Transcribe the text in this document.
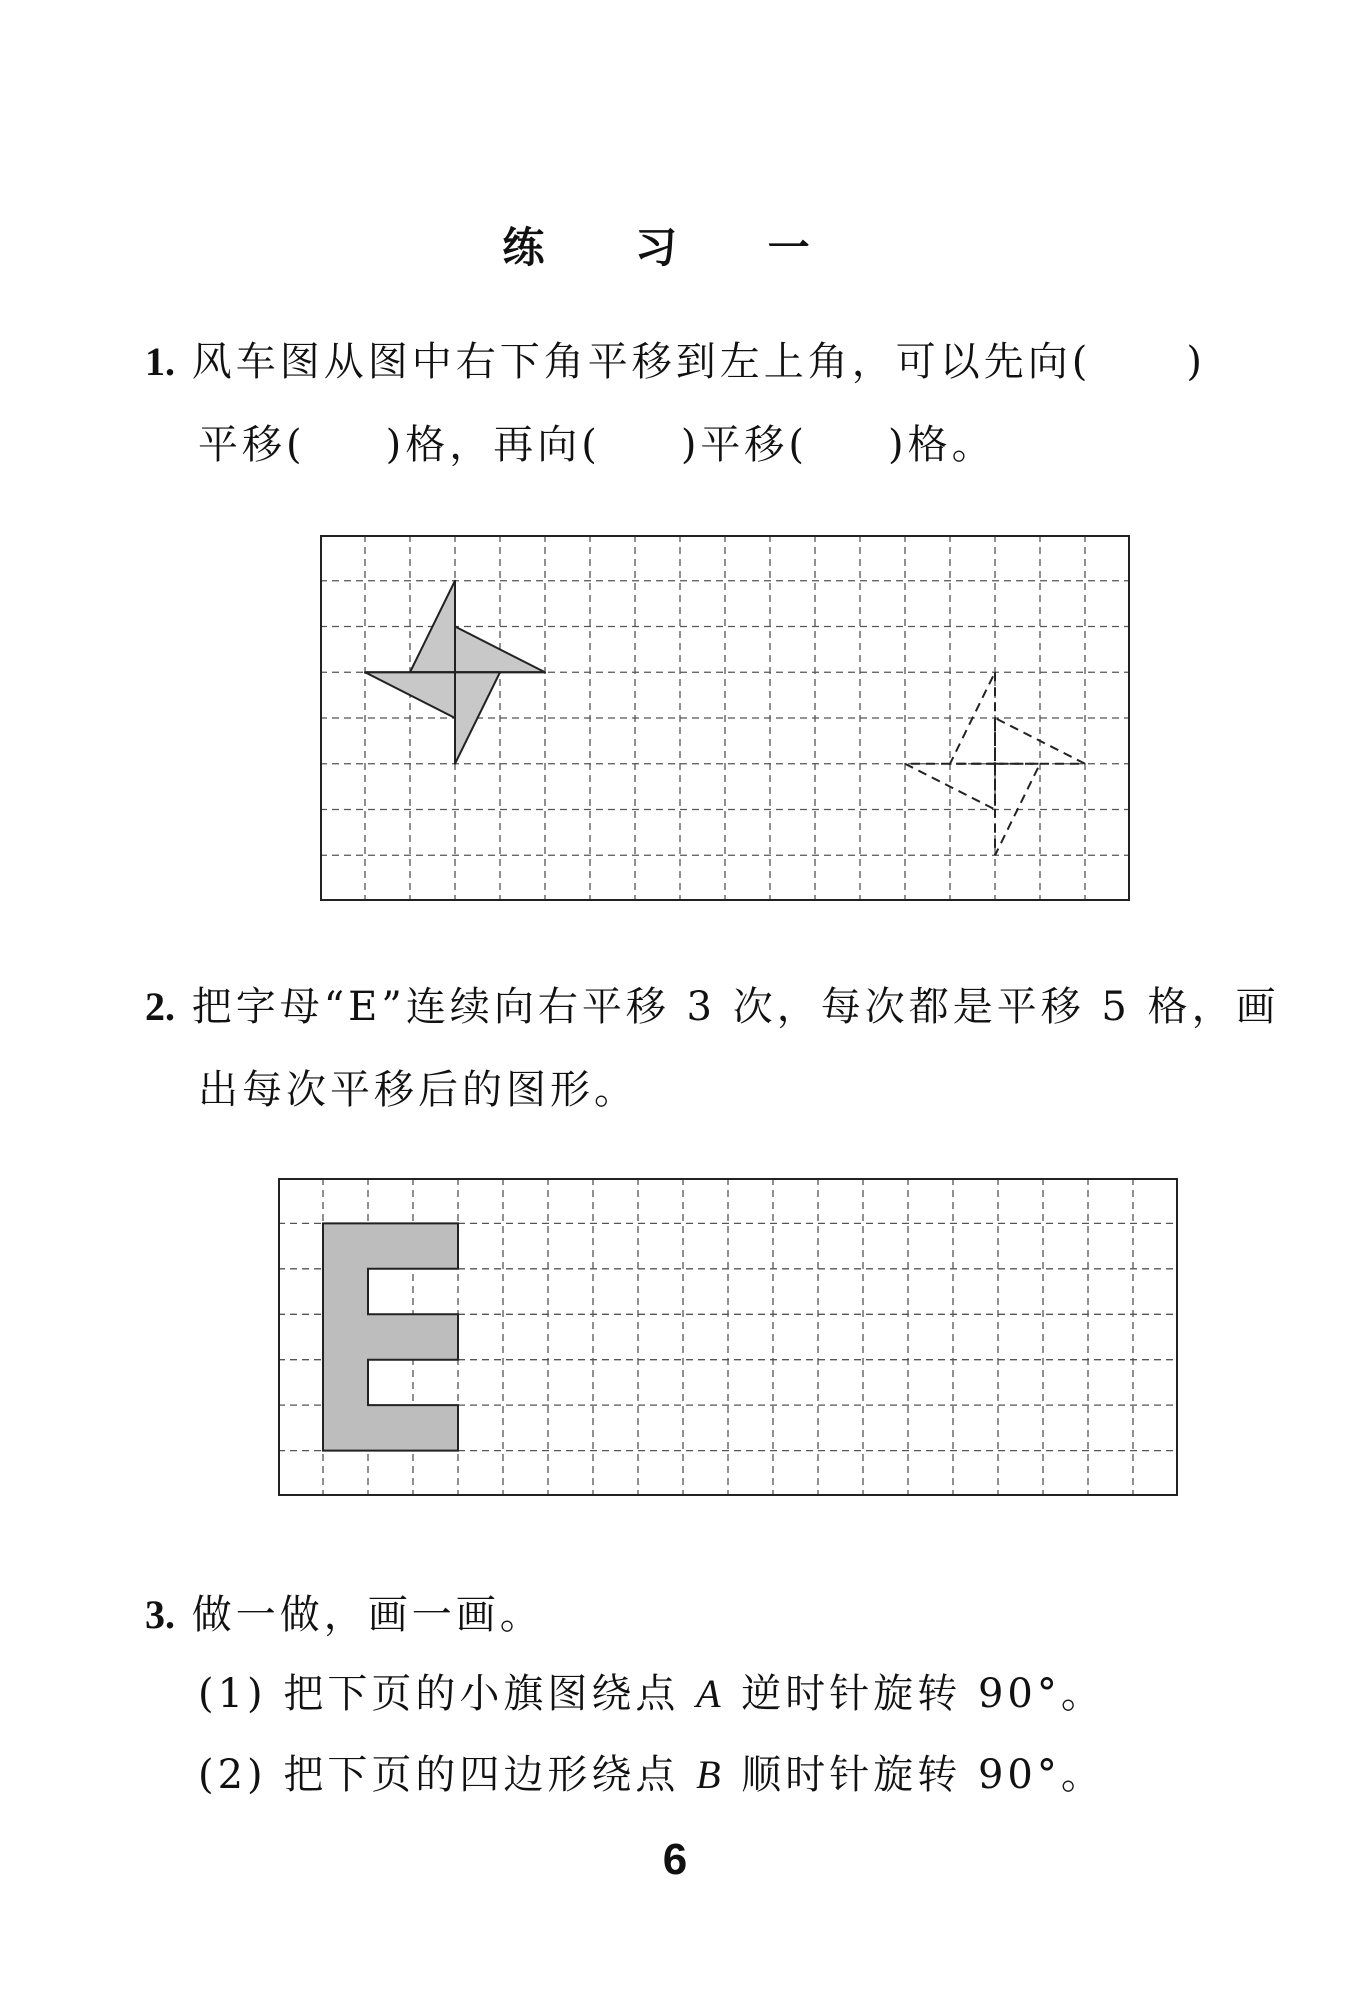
练 习 一
1. 风车图从图中右下角平移到左上角，可以先向( )
平移( )格，再向( )平移( )格。
2. 把字母“E”连续向右平移 3 次，每次都是平移 5 格，画
出每次平移后的图形。
3. 做一做，画一画。
(1) 把下页的小旗图绕点 A 逆时针旋转 90°。
(2) 把下页的四边形绕点 B 顺时针旋转 90°。
6
